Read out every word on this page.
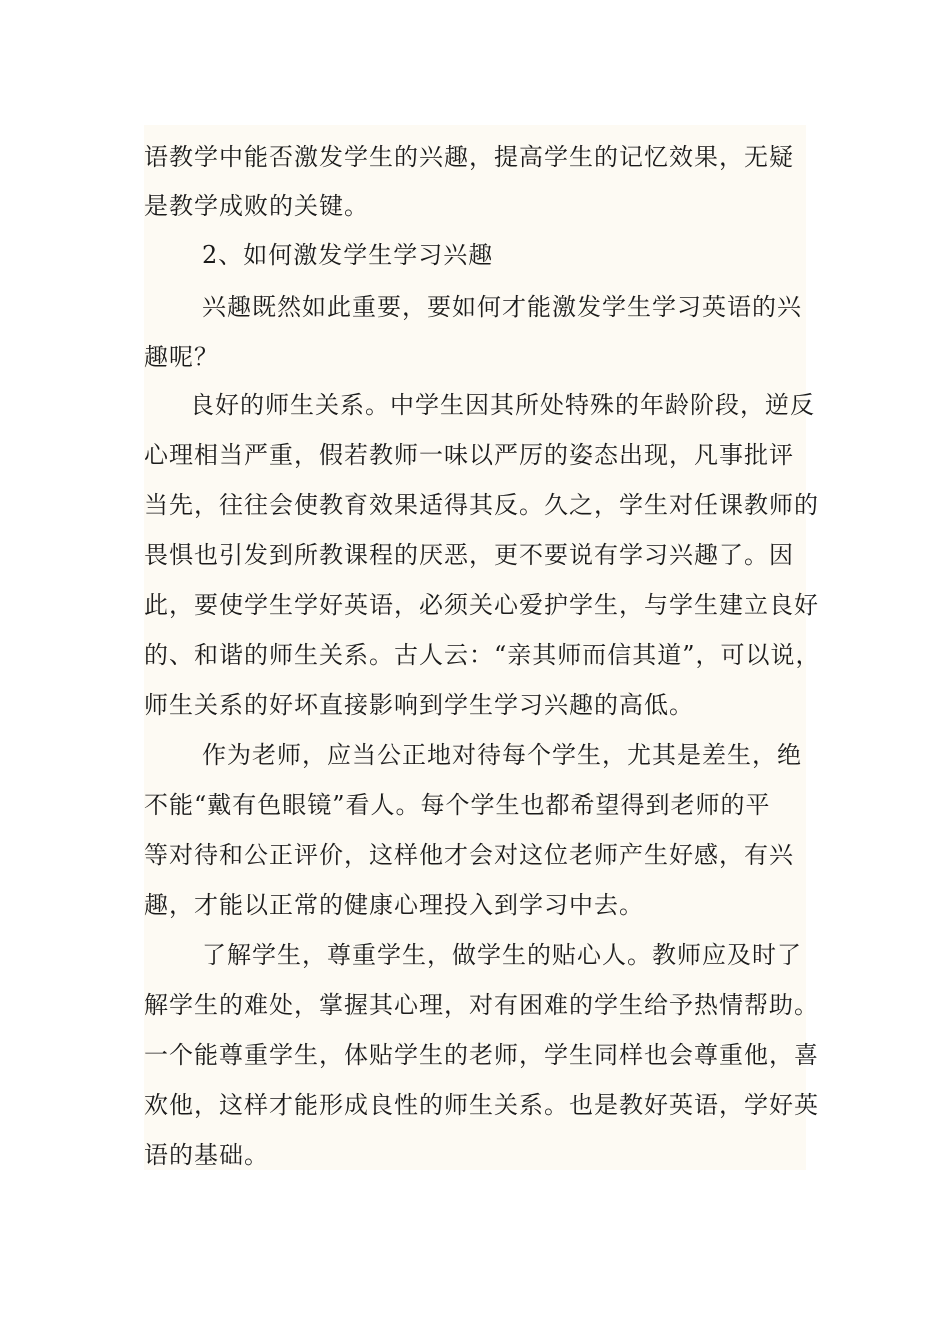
语教学中能否激发学生的兴趣，提高学生的记忆效果，无疑

是教学成败的关键。

2、如何激发学生学习兴趣

兴趣既然如此重要，要如何才能激发学生学习英语的兴

趣呢？

良好的师生关系。中学生因其所处特殊的年龄阶段，逆反

心理相当严重，假若教师一味以严厉的姿态出现，凡事批评

当先，往往会使教育效果适得其反。久之，学生对任课教师的

畏惧也引发到所教课程的厌恶，更不要说有学习兴趣了。因

此，要使学生学好英语，必须关心爱护学生，与学生建立良好

的、和谐的师生关系。古人云：“亲其师而信其道”，可以说，

师生关系的好坏直接影响到学生学习兴趣的高低。

作为老师，应当公正地对待每个学生，尤其是差生，绝

不能“戴有色眼镜”看人。每个学生也都希望得到老师的平

等对待和公正评价，这样他才会对这位老师产生好感，有兴

趣，才能以正常的健康心理投入到学习中去。

了解学生，尊重学生，做学生的贴心人。教师应及时了

解学生的难处，掌握其心理，对有困难的学生给予热情帮助。

一个能尊重学生，体贴学生的老师，学生同样也会尊重他，喜

欢他，这样才能形成良性的师生关系。也是教好英语，学好英

语的基础。
